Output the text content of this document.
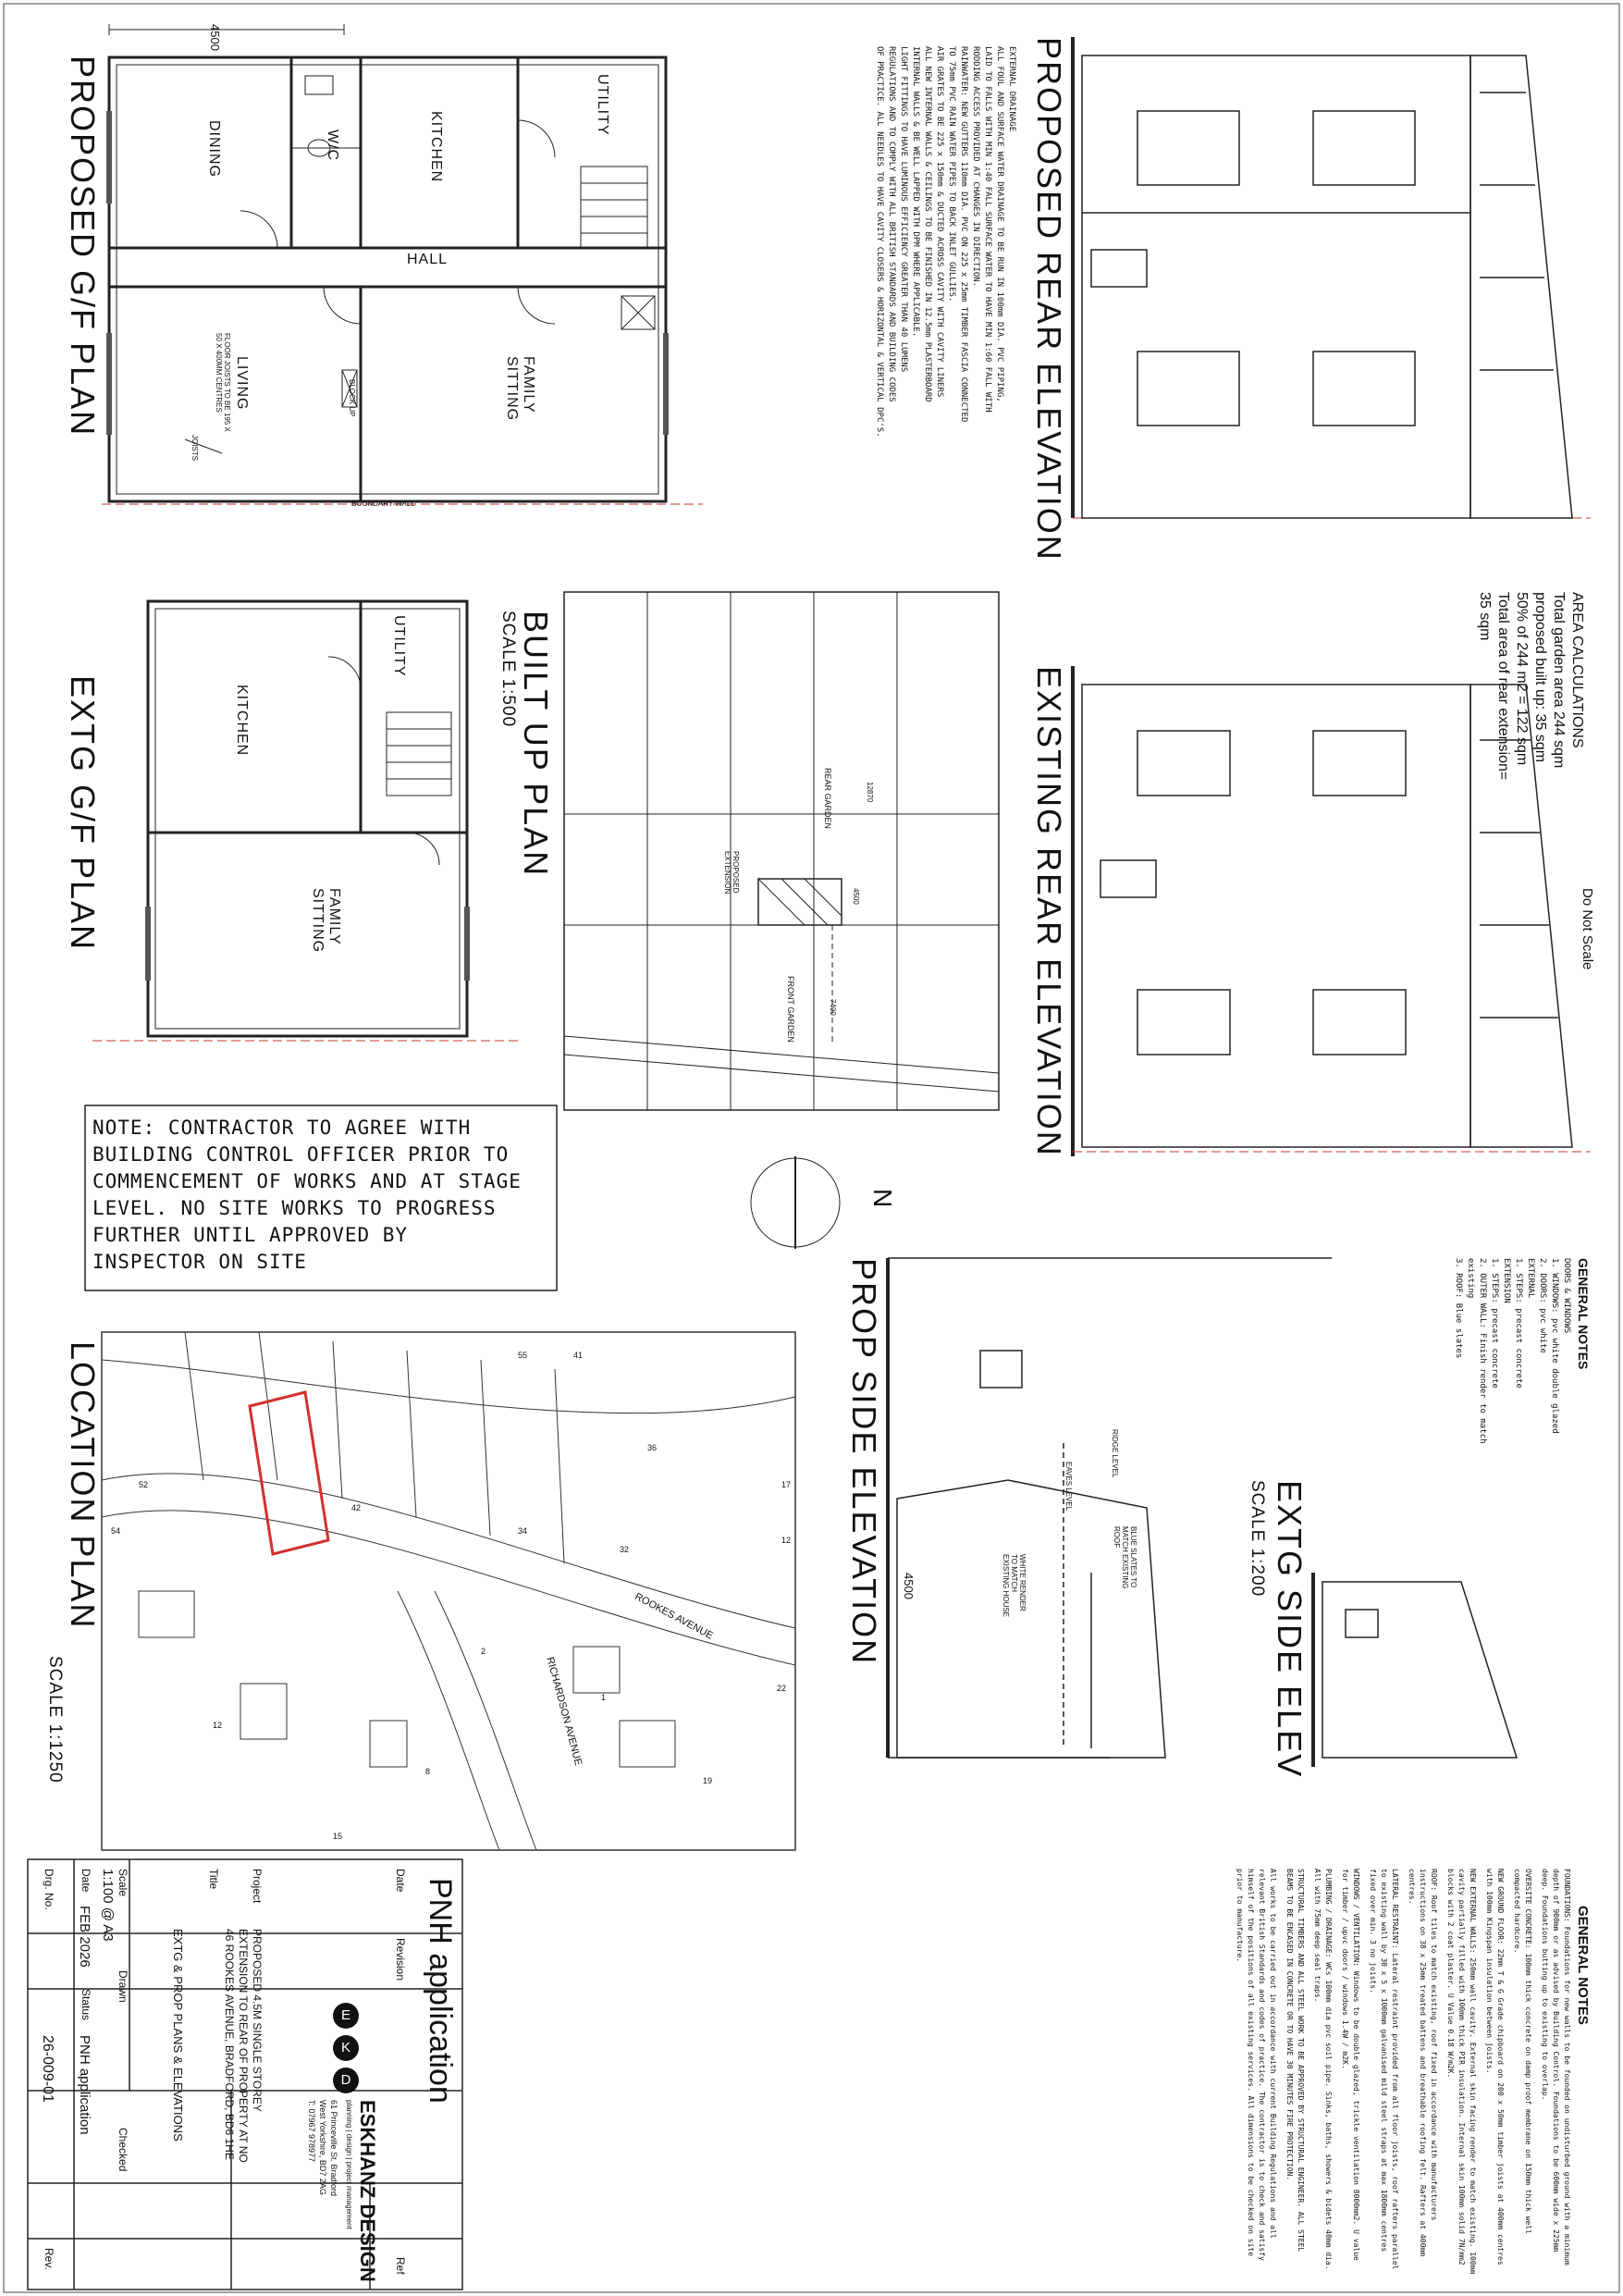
PROPOSED G/F PLAN
EXTG G/F PLAN	BUILT UP PLAN
SCALE 1:500
LOCATION PLAN
SCALE 1:1250
PROPOSED REAR ELEVATION
EXISTING REAR ELEVATION
PROP SIDE ELEVATION	EXTG SIDE ELEV
SCALE 1:200
Do Not Scale
4500
DINING	W/C	KITCHEN
UTILITY
HALL
LIVING	FAMILY SITTING
FLOOR JOISTS TO BE 195 X 50 X 400MM CENTRES
JOISTS
BLOCK UP
BOUNDARY WALL
KITCHEN
UTILITY
FAMILY SITTING
REAR GARDEN
FRONT GARDEN
PROPOSED EXTENSION
12870
4500
7400
NOTE: CONTRACTOR TO AGREE WITH BUILDING CONTROL OFFICER PRIOR TO COMMENCEMENT OF WORKS AND AT STAGE LEVEL. NO SITE WORKS TO PROGRESS FURTHER UNTIL APPROVED BY INSPECTOR ON SITE
N
AREA CALCULATIONS
Total garden area 244 sqm
proposed built up: 35 sqm
50% of 244 m2 = 122 sqm
Total area of rear extension=
35 sqm
ROOKES AVENUE
RICHARDSON AVENUE
52
42
34
32
36
54
2
1
8
19
22
15
12
17
55	41
12
RIDGE LEVEL
EAVES LEVEL
BLUE SLATES TO MATCH EXISTING ROOF
WHITE RENDER TO MATCH EXISTING HOUSE
4500
GENERAL NOTES
DOORS & WINDOWS
1. WINDOWS: pvc white double glazed
2. DOORS: pvc white
EXTERNAL
1. STEPS: precast concrete
EXTENSION
1. STEPS: precast concrete
2. OUTER WALL: Finish render to match existing
3. ROOF: Blue slates
EXTERNAL DRAINAGE
ALL FOUL AND SURFACE WATER DRAINAGE TO BE RUN IN 100mm DIA. PVC PIPING,
LAID TO FALLS WITH MIN 1:40 FALL SURFACE WATER TO HAVE MIN 1:60 FALL WITH
RODDING ACCESS PROVIDED AT CHANGES IN DIRECTION.
RAINWATER: NEW GUTTERS 110mm DIA. PVC ON 225 x 25mm TIMBER FASCIA CONNECTED
TO 75mm PVC RAIN WATER PIPES TO BACK INLET GULLIES.
AIR GRATES TO BE 225 x 150mm & DUCTED ACROSS CAVITY WITH CAVITY LINERS
ALL NEW INTERNAL WALLS & CEILINGS TO BE FINISHED IN 12.5mm PLASTERBOARD
INTERNAL WALLS & BE WELL LAPPED WITH DPM WHERE APPLICABLE.
LIGHT FITTINGS TO HAVE LUMINOUS EFFICIENCY GREATER THAN 40 LUMENS
REGULATIONS AND TO COMPLY WITH ALL BRITISH STANDARDS AND BUILDING CODES
OF PRACTICE. ALL NEEDLES TO HAVE CAVITY CLOSERS & HORIZONTAL & VERTICAL DPC'S.
GENERAL NOTES

FOUNDATIONS: Foundations for new walls to be founded on undisturbed ground with a minimum depth of 900mm or as advised by Building Control. Foundations to be 600mm wide x 225mm deep. Foundations butting up to existing to overlap.

OVERSITE CONCRETE: 100mm thick concrete on damp proof membrane on 150mm thick well compacted hardcore.

NEW GROUND FLOOR: 22mm T & G Grade chipboard on 200 x 50mm timber joists at 400mm centres with 100mm Kingspan insulation between joists.

NEW EXTERNAL WALLS: 250mm wall cavity. External skin facing render to match existing. 100mm cavity partially filled with 100mm thick PIR insulation. Internal skin 100mm solid 7N/mm2 blocks with 2 coat plaster. U Value 0.18 W/m2K.

ROOF: Roof tiles to match existing, roof fixed in accordance with manufacturers instructions on 38 x 25mm treated battens and breathable roofing felt. Rafters at 400mm centres.

LATERAL RESTRAINT: Lateral restraint provided from all floor joists, roof rafters parallel to existing wall by 30 x 5 x 1000mm galvanised mild steel straps at max 1800mm centres fixed over min. 3 no joists.

WINDOWS / VENTILATION: Windows to be double glazed, trickle ventilation 8000mm2. U value for timber / upvc doors / windows 1.4W / m2K.

PLUMBING / DRAINAGE: WCs 100mm dia pvc soil pipe. Sinks, baths, showers & bidets 40mm dia. All with 75mm deep seal traps.

STRUCTURAL TIMBERS AND ALL STEEL WORK TO BE APPROVED BY STRUCTURAL ENGINEER. ALL STEEL BEAMS TO BE ENCASED IN CONCRETE OR TO HAVE 30 MINUTES FIRE PROTECTION.

All works to be carried out in accordance with current Building Regulations and all relevant British Standards and codes of practice. The contractor is to check and satisfy himself of the positions of all existing services. All dimensions to be checked on site prior to manufacture.

PNH application
Date
Revision
Ref
ESKHANZ DESIGN
planning | design | project management
61 Princeville St. Bradford
West Yorkshire, BD7 2AG
T: 07967 978977
E
K
D
Project
PROPOSED 4.5M SINGLE STOREY
EXTENSION TO REAR OF PROPERTY AT NO
46 ROOKES AVENUE, BRADFORD, BD6 1HE
Title
EXTG & PROP PLANS & ELEVATIONS
Scale
1:100 @ A3
Drawn
Checked
Date
FEB 2026
Status
PNH application
Drg. No.
26-009-01
Rev.
